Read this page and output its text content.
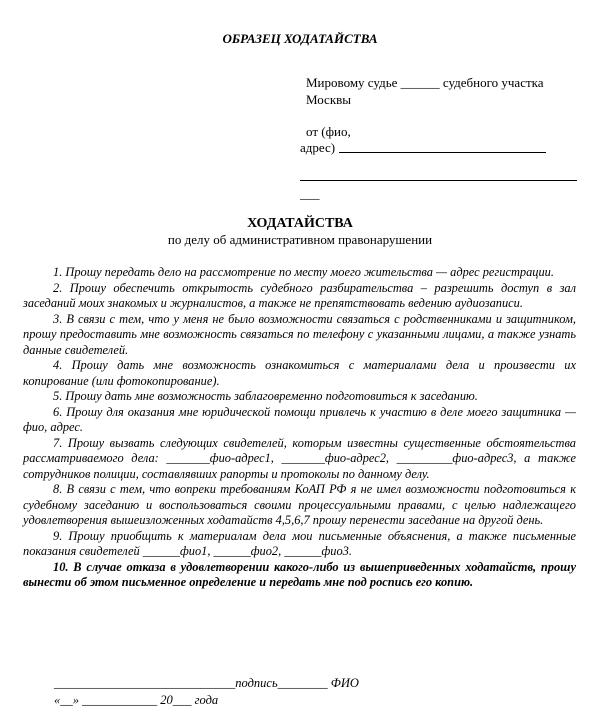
ОБРАЗЕЦ ХОДАТАЙСТВА
Мировому судье ______ судебного участка
Москвы
от (фио,
адрес)
___
ХОДАТАЙСТВА
по делу об административном правонарушении

1. Прошу передать дело на рассмотрение по месту моего жительства — адрес регистрации.

2. Прошу обеспечить открытость судебного разбирательства – разрешить доступ в зал заседаний моих знакомых и журналистов, а также не препятствовать ведению аудиозаписи.

3. В связи с тем, что у меня не было возможности связаться с родственниками и защитником, прошу предоставить мне возможность связаться по телефону с указанными лицами, а также узнать данные свидетелей.

4. Прошу дать мне возможность ознакомиться с материалами дела и произвести их копирование (или фотокопирование).

5. Прошу дать мне возможность заблаговременно подготовиться к заседанию.

6. Прошу для оказания мне юридической помощи привлечь к участию в деле моего защитника — фио, адрес.

7. Прошу вызвать следующих свидетелей, которым известны существенные обстоятельства рассматриваемого дела: _______фио-адрес1, _______фио-адрес2, _________фио-адрес3, а также сотрудников полиции, составлявших рапорты и протоколы по данному делу.

8. В связи с тем, что вопреки требованиям КоАП РФ я не имел возможности подготовиться к судебному заседанию и воспользоваться своими процессуальными правами, с целью надлежащего удовлетворения вышеизложенных ходатайств 4,5,6,7 прошу перенести заседание на другой день.

9. Прошу приобщить к материалам дела мои письменные объяснения, а также письменные показания свидетелей ______фио1, ______фио2, ______фио3.

10. В случае отказа в удовлетворении какого-либо из вышеприведенных ходатайств, прошу вынести об этом письменное определение и передать мне под роспись его копию.

_____________________________подпись________ ФИО
«__» ____________ 20___ года
